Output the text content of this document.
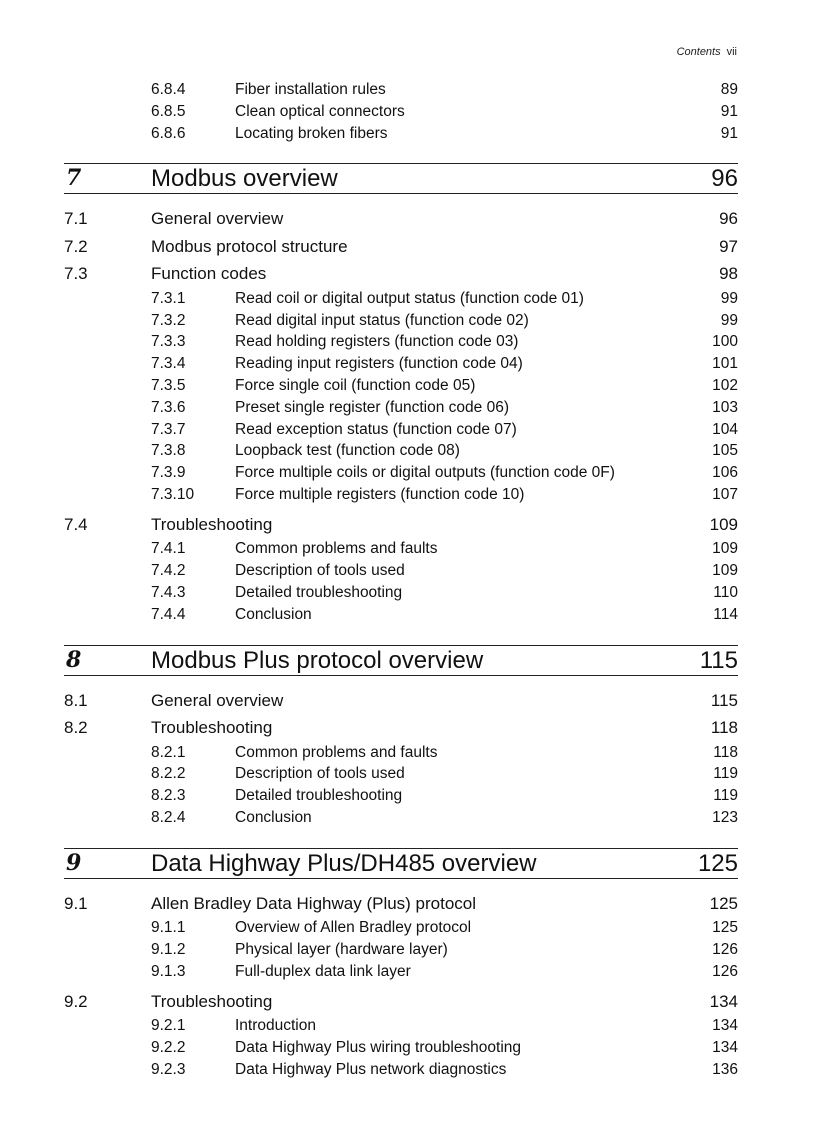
Contents vii
6.8.4	Fiber installation rules	89
6.8.5	Clean optical connectors	91
6.8.6	Locating broken fibers	91
7	Modbus overview	96
7.1	General overview	96
7.2	Modbus protocol structure	97
7.3	Function codes	98
7.3.1	Read coil or digital output status (function code 01)	99
7.3.2	Read digital input status (function code 02)	99
7.3.3	Read holding registers (function code 03)	100
7.3.4	Reading input registers (function code 04)	101
7.3.5	Force single coil (function code 05)	102
7.3.6	Preset single register (function code 06)	103
7.3.7	Read exception status (function code 07)	104
7.3.8	Loopback test (function code 08)	105
7.3.9	Force multiple coils or digital outputs (function code 0F)	106
7.3.10	Force multiple registers (function code 10)	107
7.4	Troubleshooting	109
7.4.1	Common problems and faults	109
7.4.2	Description of tools used	109
7.4.3	Detailed troubleshooting	110
7.4.4	Conclusion	114
8	Modbus Plus protocol overview	115
8.1	General overview	115
8.2	Troubleshooting	118
8.2.1	Common problems and faults	118
8.2.2	Description of tools used	119
8.2.3	Detailed troubleshooting	119
8.2.4	Conclusion	123
9	Data Highway Plus/DH485 overview	125
9.1	Allen Bradley Data Highway (Plus) protocol	125
9.1.1	Overview of Allen Bradley protocol	125
9.1.2	Physical layer (hardware layer)	126
9.1.3	Full-duplex data link layer	126
9.2	Troubleshooting	134
9.2.1	Introduction	134
9.2.2	Data Highway Plus wiring troubleshooting	134
9.2.3	Data Highway Plus network diagnostics	136
